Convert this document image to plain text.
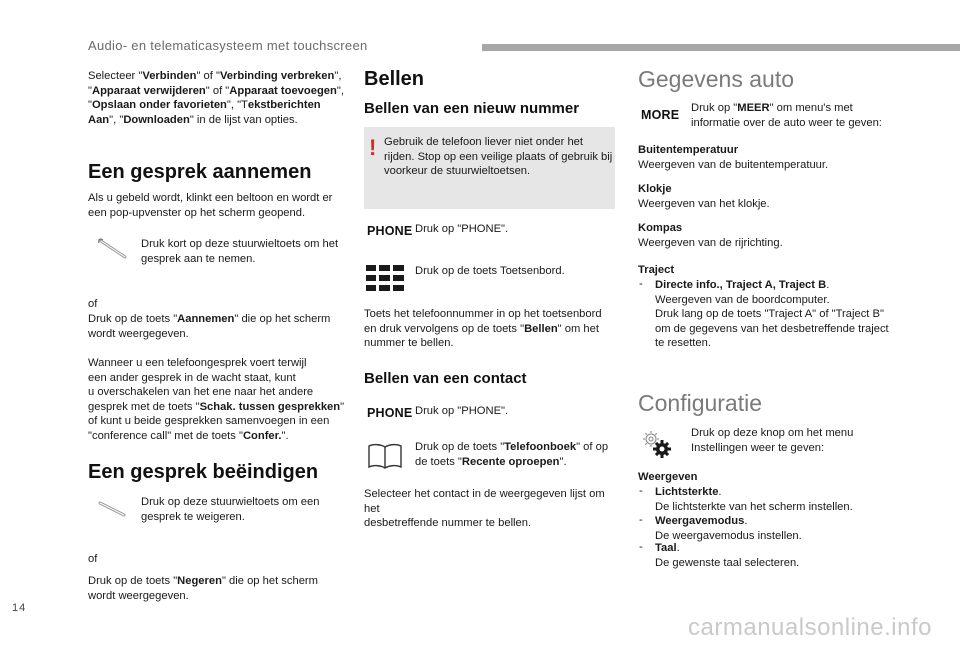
Audio- en telematicasysteem met touchscreen
Selecteer "Verbinden" of "Verbinding verbreken",
"Apparaat verwijderen" of "Apparaat toevoegen",
"Opslaan onder favorieten", "Tekstberichten
Aan", "Downloaden" in de lijst van opties.
Een gesprek aannemen
Als u gebeld wordt, klinkt een beltoon en wordt er
een pop-upvenster op het scherm geopend.
Druk kort op deze stuurwieltoets om het
gesprek aan te nemen.
of
Druk op de toets "Aannemen" die op het scherm
wordt weergegeven.
Wanneer u een telefoongesprek voert terwijl
een ander gesprek in de wacht staat, kunt
u overschakelen van het ene naar het andere
gesprek met de toets "Schak. tussen gesprekken"
of kunt u beide gesprekken samenvoegen in een
"conference call" met de toets "Confer.".
Een gesprek beëindigen
Druk op deze stuurwieltoets om een
gesprek te weigeren.
of
Druk op de toets "Negeren" die op het scherm
wordt weergegeven.
Bellen
Bellen van een nieuw nummer
! Gebruik de telefoon liever niet onder het
rijden. Stop op een veilige plaats of gebruik bij
voorkeur de stuurwieltoetsen.
PHONE Druk op "PHONE".
Druk op de toets Toetsenbord.
Toets het telefoonnummer in op het toetsenbord
en druk vervolgens op de toets "Bellen" om het
nummer te bellen.
Bellen van een contact
PHONE Druk op "PHONE".
Druk op de toets "Telefoonboek" of op
de toets "Recente oproepen".
Selecteer het contact in de weergegeven lijst om het
desbetreffende nummer te bellen.
Gegevens auto
MORE Druk op "MEER" om menu's met
informatie over de auto weer te geven:
Buitentemperatuur
Weergeven van de buitentemperatuur.
Klokje
Weergeven van het klokje.
Kompas
Weergeven van de rijrichting.
Traject
- Directe info., Traject A, Traject B.
Weergeven van de boordcomputer.
Druk lang op de toets "Traject A" of "Traject B"
om de gegevens van het desbetreffende traject
te resetten.
Configuratie
Druk op deze knop om het menu
Instellingen weer te geven:
Weergeven
- Lichtsterkte.
De lichtsterkte van het scherm instellen.
- Weergavemodus.
De weergavemodus instellen.
- Taal.
De gewenste taal selecteren.
14
carmanualsonline.info
